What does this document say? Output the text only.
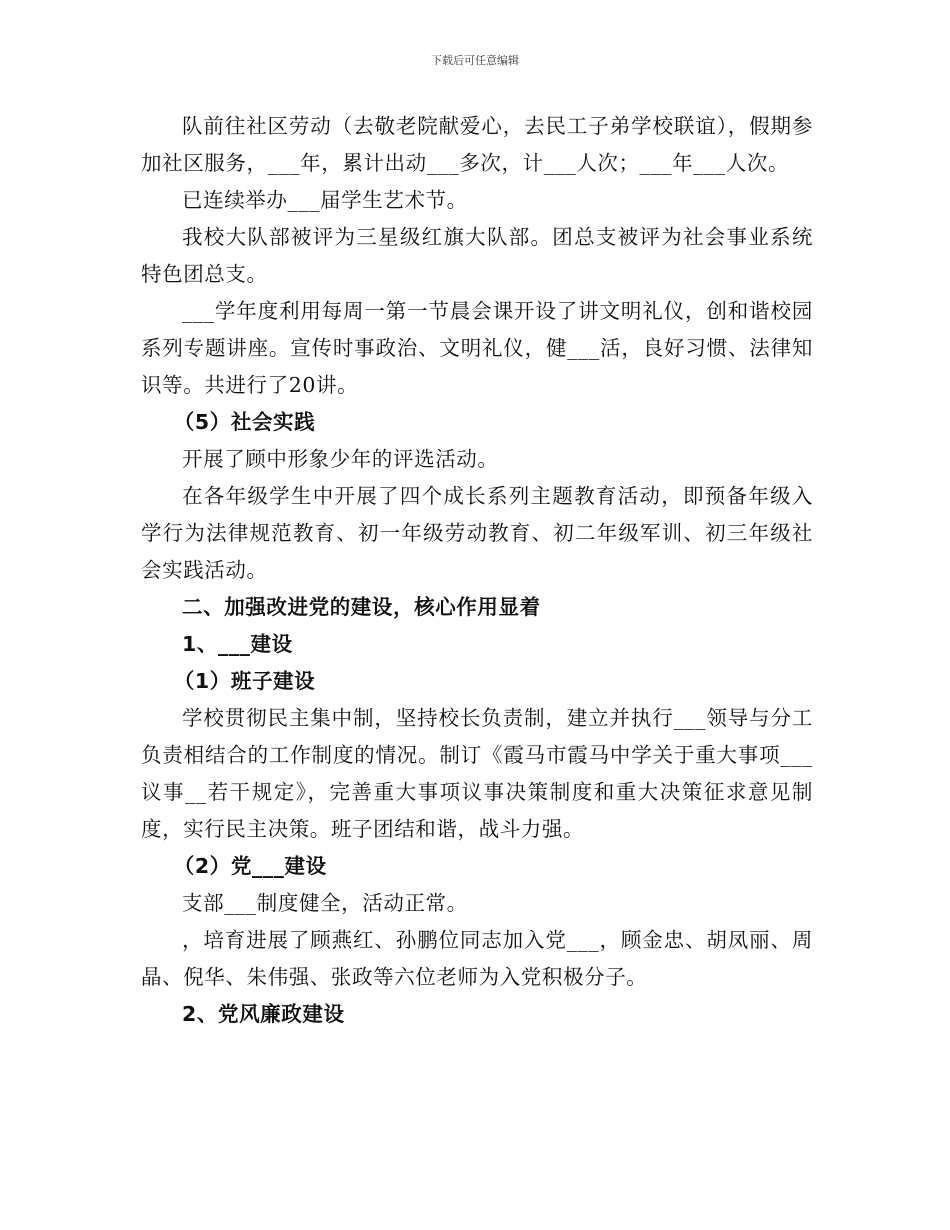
下载后可任意编辑

队前往社区劳动（去敬老院献爱心，去民工子弟学校联谊），假期参加社区服务，___年，累计出动___多次，计___人次；___年___人次。

已连续举办___届学生艺术节。

我校大队部被评为三星级红旗大队部。团总支被评为社会事业系统特色团总支。

___学年度利用每周一第一节晨会课开设了讲文明礼仪，创和谐校园系列专题讲座。宣传时事政治、文明礼仪，健___活，良好习惯、法律知识等。共进行了20讲。

（5）社会实践

开展了顾中形象少年的评选活动。

在各年级学生中开展了四个成长系列主题教育活动，即预备年级入学行为法律规范教育、初一年级劳动教育、初二年级军训、初三年级社会实践活动。

二、加强改进党的建设，核心作用显着

1、___建设

（1）班子建设

学校贯彻民主集中制，坚持校长负责制，建立并执行___领导与分工负责相结合的工作制度的情况。制订《霞马市霞马中学关于重大事项___议事__若干规定》，完善重大事项议事决策制度和重大决策征求意见制度，实行民主决策。班子团结和谐，战斗力强。

（2）党___建设

支部___制度健全，活动正常。

，培育进展了顾燕红、孙鹏位同志加入党___，顾金忠、胡凤丽、周晶、倪华、朱伟强、张政等六位老师为入党积极分子。

2、党风廉政建设
